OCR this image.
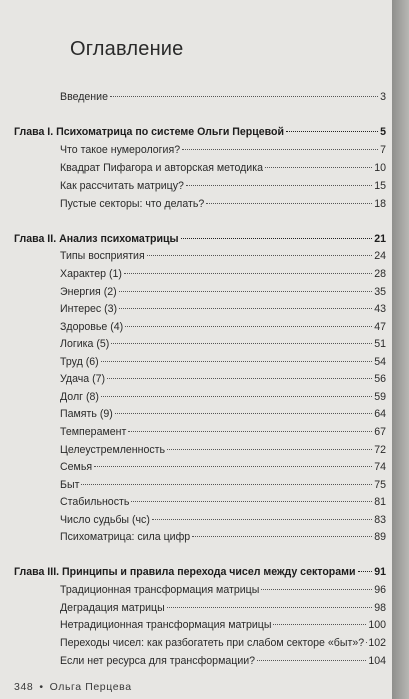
Оглавление
Введение	3
Глава I. Психоматрица по системе Ольги Перцевой	5
Что такое нумерология?	7
Квадрат Пифагора и авторская методика	10
Как рассчитать матрицу?	15
Пустые секторы: что делать?	18
Глава II. Анализ психоматрицы	21
Типы восприятия	24
Характер (1)	28
Энергия (2)	35
Интерес (3)	43
Здоровье (4)	47
Логика (5)	51
Труд (6)	54
Удача (7)	56
Долг (8)	59
Память (9)	64
Темперамент	67
Целеустремленность	72
Семья	74
Быт	75
Стабильность	81
Число судьбы (чс)	83
Психоматрица: сила цифр	89
Глава III. Принципы и правила перехода чисел между секторами 91
Традиционная трансформация матрицы	96
Деградация матрицы	98
Нетрадиционная трансформация матрицы	100
Переходы чисел: как разбогатеть при слабом секторе «быт»? 102
Если нет ресурса для трансформации?	104
348 • Ольга Перцева
